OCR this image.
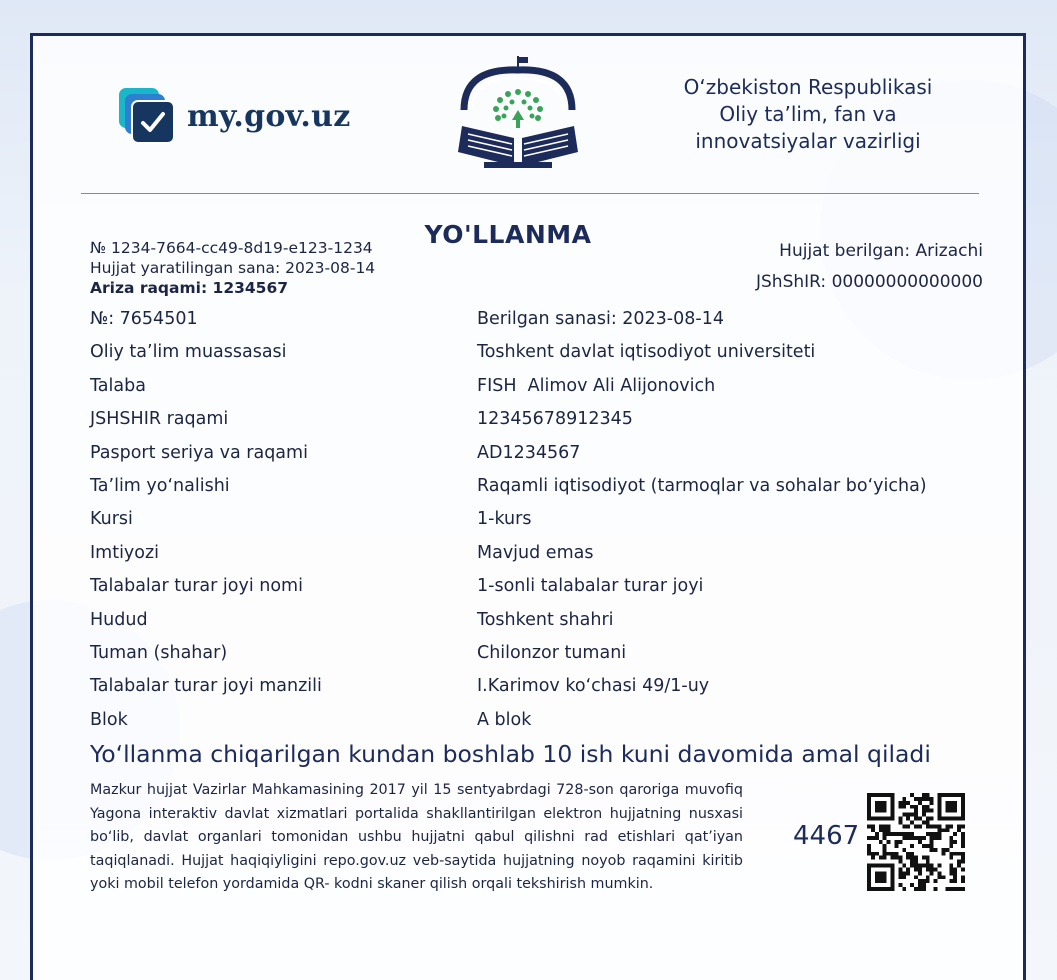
my.gov.uz
O‘zbekiston Respublikasi
Oliy ta’lim, fan va
innovatsiyalar vazirligi
YO'LLANMA
№ 1234-7664-cc49-8d19-e123-1234
Hujjat yaratilingan sana: 2023-08-14
Ariza raqami: 1234567
Hujjat berilgan: Arizachi
JShShIR: 00000000000000
№: 7654501	Berilgan sanasi: 2023-08-14
Oliy ta’lim muassasasi	Toshkent davlat iqtisodiyot universiteti
Talaba	FISH  Alimov Ali Alijonovich
JSHSHIR raqami	12345678912345
Pasport seriya va raqami	AD1234567
Ta’lim yo‘nalishi	Raqamli iqtisodiyot (tarmoqlar va sohalar bo‘yicha)
Kursi	1-kurs
Imtiyozi	Mavjud emas
Talabalar turar joyi nomi	1-sonli talabalar turar joyi
Hudud	Toshkent shahri
Tuman (shahar)	Chilonzor tumani
Talabalar turar joyi manzili	I.Karimov ko‘chasi 49/1-uy
Blok	A blok
Yo‘llanma chiqarilgan kundan boshlab 10 ish kuni davomida amal qiladi
Mazkur hujjat Vazirlar Mahkamasining 2017 yil 15 sentyabrdagi 728-son qaroriga muvofiq Yagona interaktiv davlat xizmatlari portalida shakllantirilgan elektron hujjatning nusxasi bo‘lib, davlat organlari tomonidan ushbu hujjatni qabul qilishni rad etishlari qat’iyan taqiqlanadi. Hujjat haqiqiyligini repo.gov.uz veb-saytida hujjatning noyob raqamini kiritib yoki mobil telefon yordamida QR- kodni skaner qilish orqali tekshirish mumkin.
4467
